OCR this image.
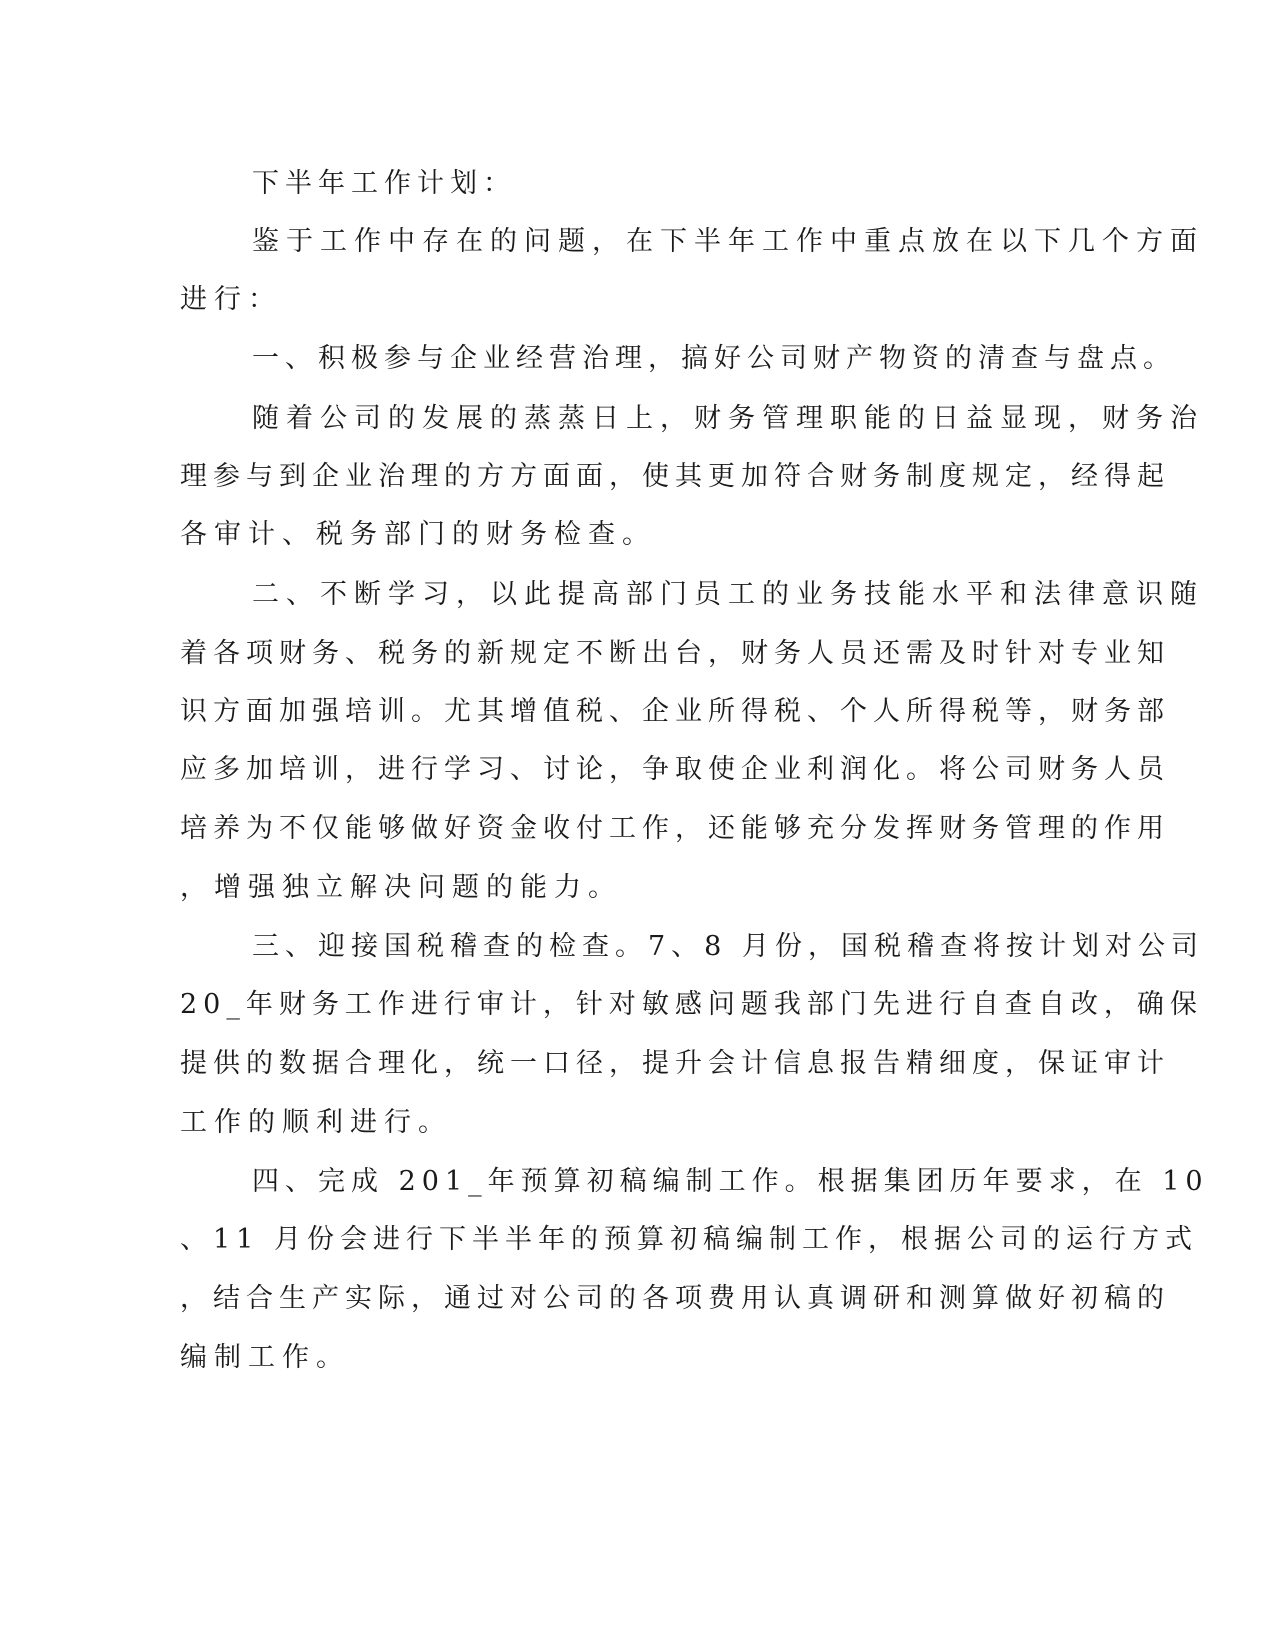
下半年工作计划：

鉴于工作中存在的问题，在下半年工作中重点放在以下几个方面

进行：

一、积极参与企业经营治理，搞好公司财产物资的清查与盘点。

随着公司的发展的蒸蒸日上，财务管理职能的日益显现，财务治

理参与到企业治理的方方面面，使其更加符合财务制度规定，经得起

各审计、税务部门的财务检查。

二、不断学习，以此提高部门员工的业务技能水平和法律意识随

着各项财务、税务的新规定不断出台，财务人员还需及时针对专业知

识方面加强培训。尤其增值税、企业所得税、个人所得税等，财务部

应多加培训，进行学习、讨论，争取使企业利润化。将公司财务人员

培养为不仅能够做好资金收付工作，还能够充分发挥财务管理的作用

，增强独立解决问题的能力。

三、迎接国税稽查的检查。7、8 月份，国税稽查将按计划对公司

20_年财务工作进行审计，针对敏感问题我部门先进行自查自改，确保

提供的数据合理化，统一口径，提升会计信息报告精细度，保证审计

工作的顺利进行。

四、完成 201_年预算初稿编制工作。根据集团历年要求，在 10

、11 月份会进行下半半年的预算初稿编制工作，根据公司的运行方式

，结合生产实际，通过对公司的各项费用认真调研和测算做好初稿的

编制工作。
